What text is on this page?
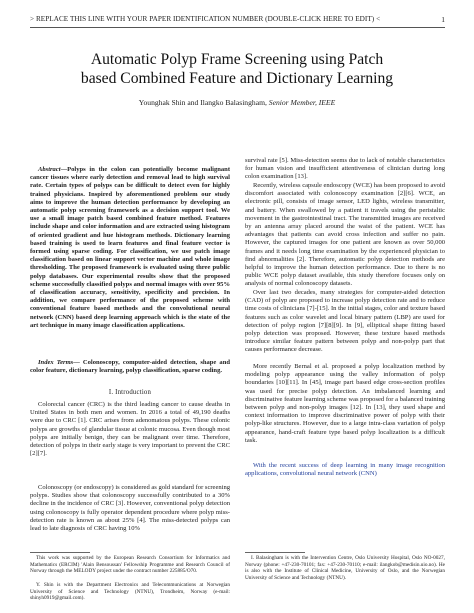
> REPLACE THIS LINE WITH YOUR PAPER IDENTIFICATION NUMBER (DOUBLE-CLICK HERE TO EDIT) <	1
Automatic Polyp Frame Screening using Patch
based Combined Feature and Dictionary Learning
Younghak Shin and Ilangko Balasingham, Senior Member, IEEE

Abstract—Polyps in the colon can potentially become malignant cancer tissues where early detection and removal lead to high survival rate. Certain types of polyps can be difficult to detect even for highly trained physicians. Inspired by aforementioned problem our study aims to improve the human detection performance by developing an automatic polyp screening framework as a decision support tool. We use a small image patch based combined feature method. Features include shape and color information and are extracted using histogram of oriented gradient and hue histogram methods. Dictionary learning based training is used to learn features and final feature vector is formed using sparse coding. For classification, we use patch image classification based on linear support vector machine and whole image thresholding. The proposed framework is evaluated using three public polyp databases. Our experimental results show that the proposed scheme successfully classified polyps and normal images with over 95% of classification accuracy, sensitivity, specificity and precision. In addition, we compare performance of the proposed scheme with conventional feature based methods and the convolutional neural network (CNN) based deep learning approach which is the state of the art technique in many image classification applications.

Index Terms— Colonoscopy, computer-aided detection, shape and color feature, dictionary learning, polyp classification, sparse coding.

I. Introduction

Colorectal cancer (CRC) is the third leading cancer to cause deaths in United States in both men and women. In 2016 a total of 49,190 deaths were due to CRC [1]. CRC arises from adenomatous polyps. These colonic polyps are growths of glandular tissue at colonic mucosa. Even though most polyps are initially benign, they can be malignant over time. Therefore, detection of polyps in their early stage is very important to prevent the CRC [2][7].

Colonoscopy (or endoscopy) is considered as gold standard for screening polyps. Studies show that colonoscopy successfully contributed to a 30% decline in the incidence of CRC [3]. However, conventional polyp detection using colonoscopy is fully operator dependent procedure where polyp miss-detection rate is known as about 25% [4]. The miss-detected polyps can lead to late diagnosis of CRC having 10%

This work was supported by the European Research Consortium for Informatics and Mathematics (ERCIM) 'Alain Bensoussan' Fellowship Programme and Research Council of Norway through the MELODY project under the contract number 225885/O70.

Y. Shin is with the Department Electronics and Telecommunications at Norwegian University of Science and Technology (NTNU), Trondheim, Norway (e-mail: shinyh0919@gmail.com).

survival rate [5]. Miss-detection seems due to lack of notable characteristics for human vision and insufficient attentiveness of clinician during long colon examination [13].

Recently, wireless capsule endoscopy (WCE) has been proposed to avoid discomfort associated with colonoscopy examination [2][6]. WCE, an electronic pill, consists of image sensor, LED lights, wireless transmitter, and battery. When swallowed by a patient it travels using the peristaltic movement in the gastrointestinal tract. The transmitted images are received by an antenna array placed around the waist of the patient. WCE has advantages that patients can avoid cross infection and suffer no pain. However, the captured images for one patient are known as over 50,000 frames and it needs long time examination by the experienced physician to find abnormalities [2]. Therefore, automatic polyp detection methods are helpful to improve the human detection performance. Due to there is no public WCE polyp dataset available, this study therefore focuses only on analysis of normal colonoscopy datasets.

Over last two decades, many strategies for computer-aided detection (CAD) of polyp are proposed to increase polyp detection rate and to reduce time costs of clinicians [7]-[15]. In the initial stages, color and texture based features such as color wavelet and local binary pattern (LBP) are used for detection of polyp region [7][8][9]. In [9], elliptical shape fitting based polyp detection was proposed. However, these texture based methods introduce similar feature pattern between polyp and non-polyp part that causes performance decrease.

More recently Bernal et al. proposed a polyp localization method by modeling polyp appearance using the valley information of polyp boundaries [10][11]. In [45], image part based edge cross-section profiles was used for precise polyp detection. An imbalanced learning and discriminative feature learning scheme was proposed for a balanced training between polyp and non-polyp images [12]. In [13], they used shape and context information to improve discriminative power of polyp with their polyp-like structures. However, due to a large intra-class variation of polyp appearance, hand-craft feature type based polyp localization is a difficult task.

With the recent success of deep learning in many image recognition applications, convolutional neural network (CNN)

I. Balasingham is with the Intervention Centre, Oslo University Hospital, Oslo NO-0027, Norway (phone: +47-230-70101; fax: +47-230-70110; e-mail: ilangkob@medisin.uio.no). He is also with the Institute of Clinical Medicine, University of Oslo, and the Norwegian University of Science and Technology (NTNU).
